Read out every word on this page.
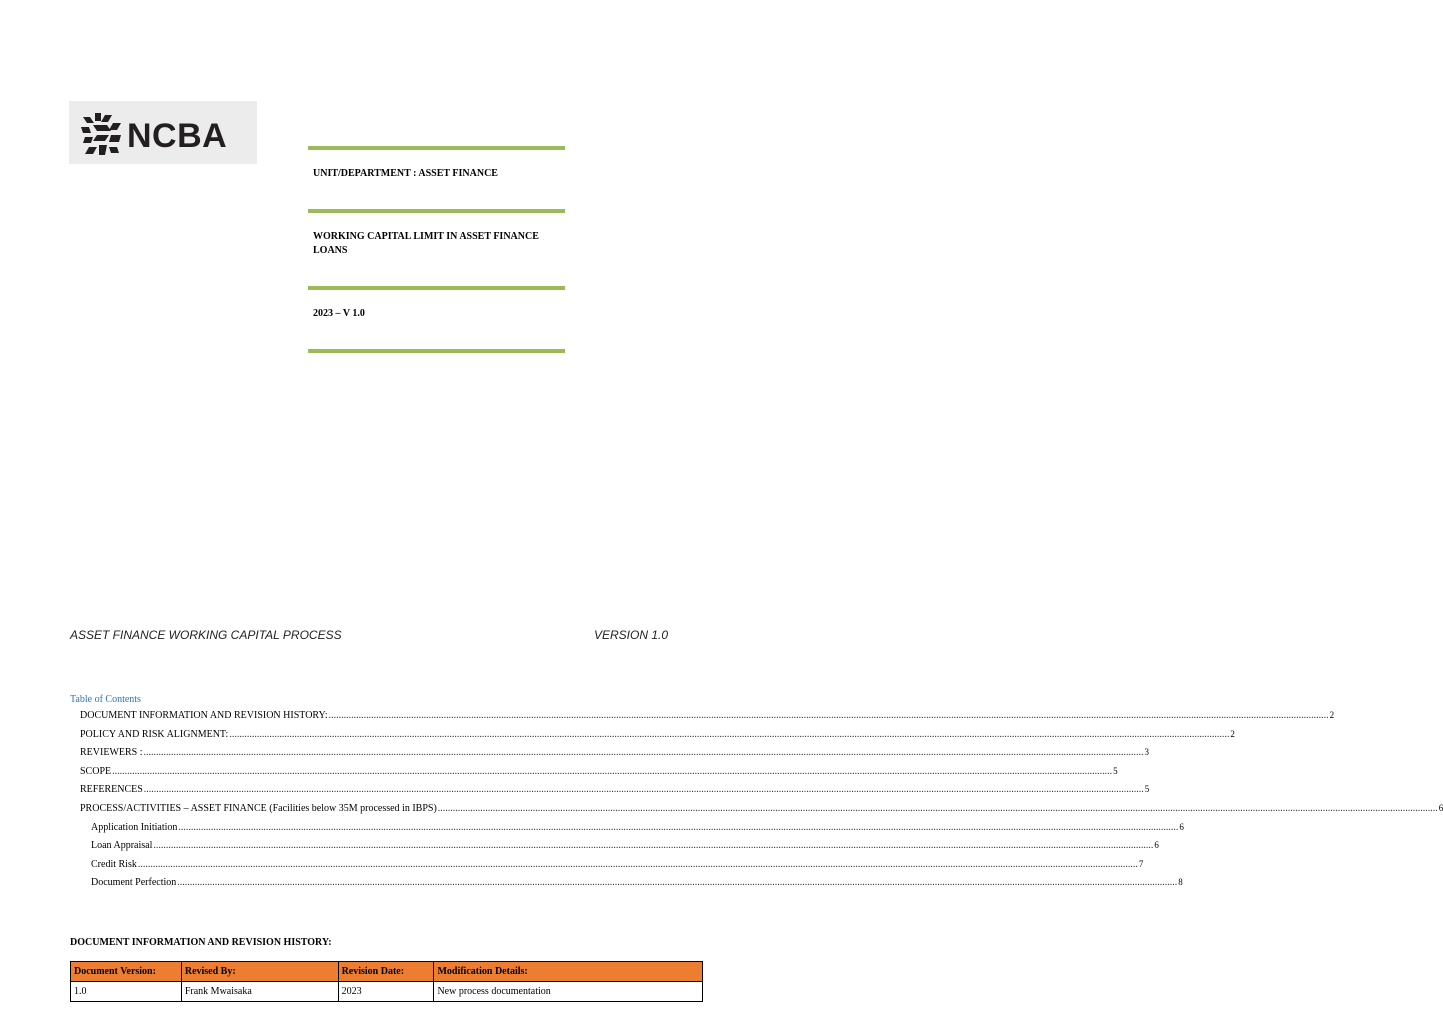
NCBA
UNIT/DEPARTMENT : ASSET FINANCE
WORKING CAPITAL LIMIT IN ASSET FINANCE LOANS
2023 – V 1.0
ASSET FINANCE WORKING CAPITAL PROCESS	VERSION 1.0
Table of Contents
DOCUMENT INFORMATION AND REVISION HISTORY: ................................................................................................................................................................................................................................................................................................................................................................................................................ 2
POLICY AND RISK ALIGNMENT: ................................................................................................................................................................................................................................................................................................................................................................................................................ 2
REVIEWERS : ................................................................................................................................................................................................................................................................................................................................................................................................................ 3
SCOPE ................................................................................................................................................................................................................................................................................................................................................................................................................ 5
REFERENCES ................................................................................................................................................................................................................................................................................................................................................................................................................ 5
PROCESS/ACTIVITIES – ASSET FINANCE (Facilities below 35M processed in IBPS) ................................................................................................................................................................................................................................................................................................................................................................................................................ 6
Application Initiation ................................................................................................................................................................................................................................................................................................................................................................................................................ 6
Loan Appraisal ................................................................................................................................................................................................................................................................................................................................................................................................................ 6
Credit Risk ................................................................................................................................................................................................................................................................................................................................................................................................................ 7
Document Perfection ................................................................................................................................................................................................................................................................................................................................................................................................................ 8
DOCUMENT INFORMATION AND REVISION HISTORY:
Document Version:	Revised By:	Revision Date:	Modification Details:
1.0	Frank Mwaisaka	2023	New process documentation
